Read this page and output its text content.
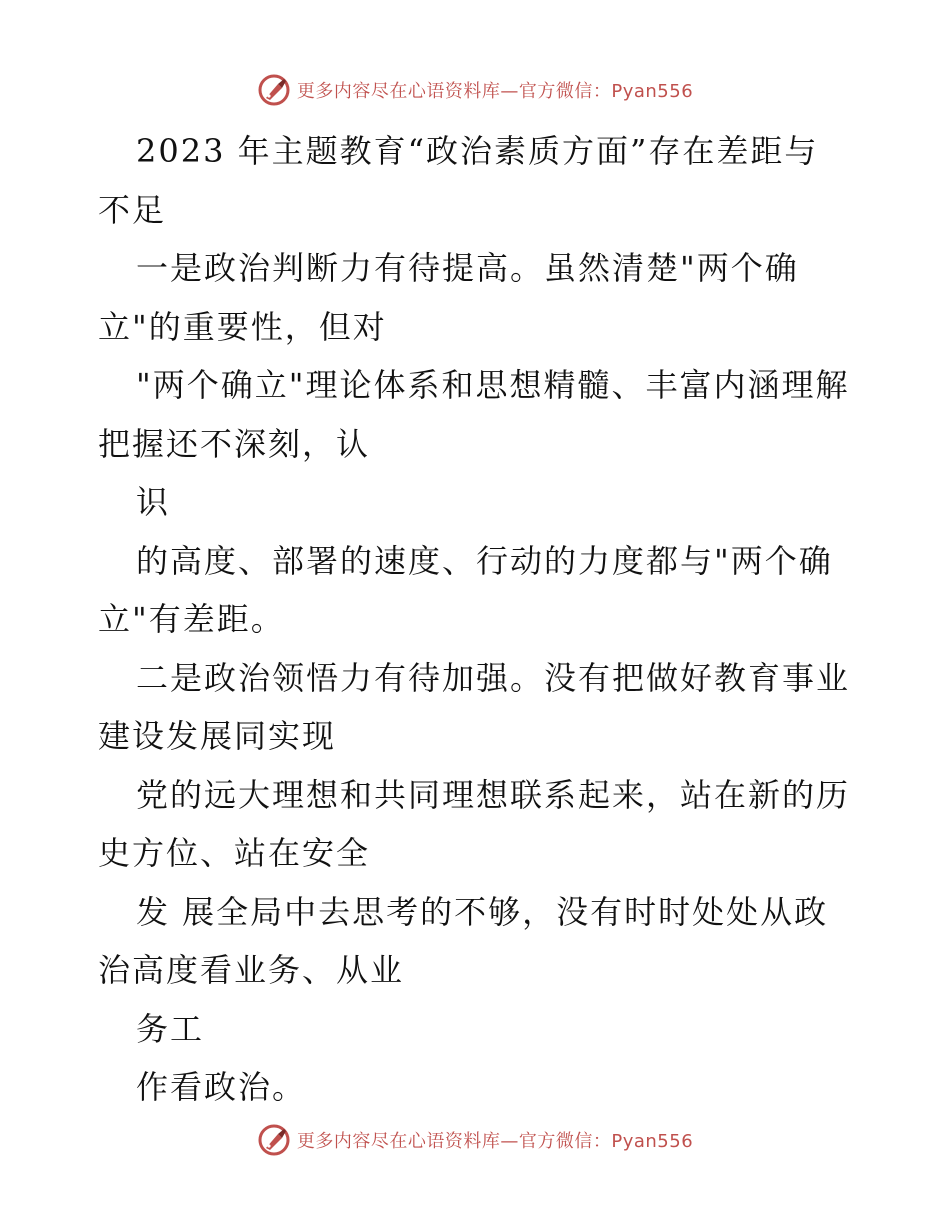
更多内容尽在心语资料库—官方微信：Pyan556
2023 年主题教育“政治素质方面”存在差距与
不足
一是政治判断力有待提高。虽然清楚"两个确
立"的重要性，但对
"两个确立"理论体系和思想精髓、丰富内涵理解
把握还不深刻，认
识
的高度、部署的速度、行动的力度都与"两个确
立"有差距。
二是政治领悟力有待加强。没有把做好教育事业
建设发展同实现
党的远大理想和共同理想联系起来，站在新的历
史方位、站在安全
发 展全局中去思考的不够，没有时时处处从政
治高度看业务、从业
务工
作看政治。
更多内容尽在心语资料库—官方微信：Pyan556
